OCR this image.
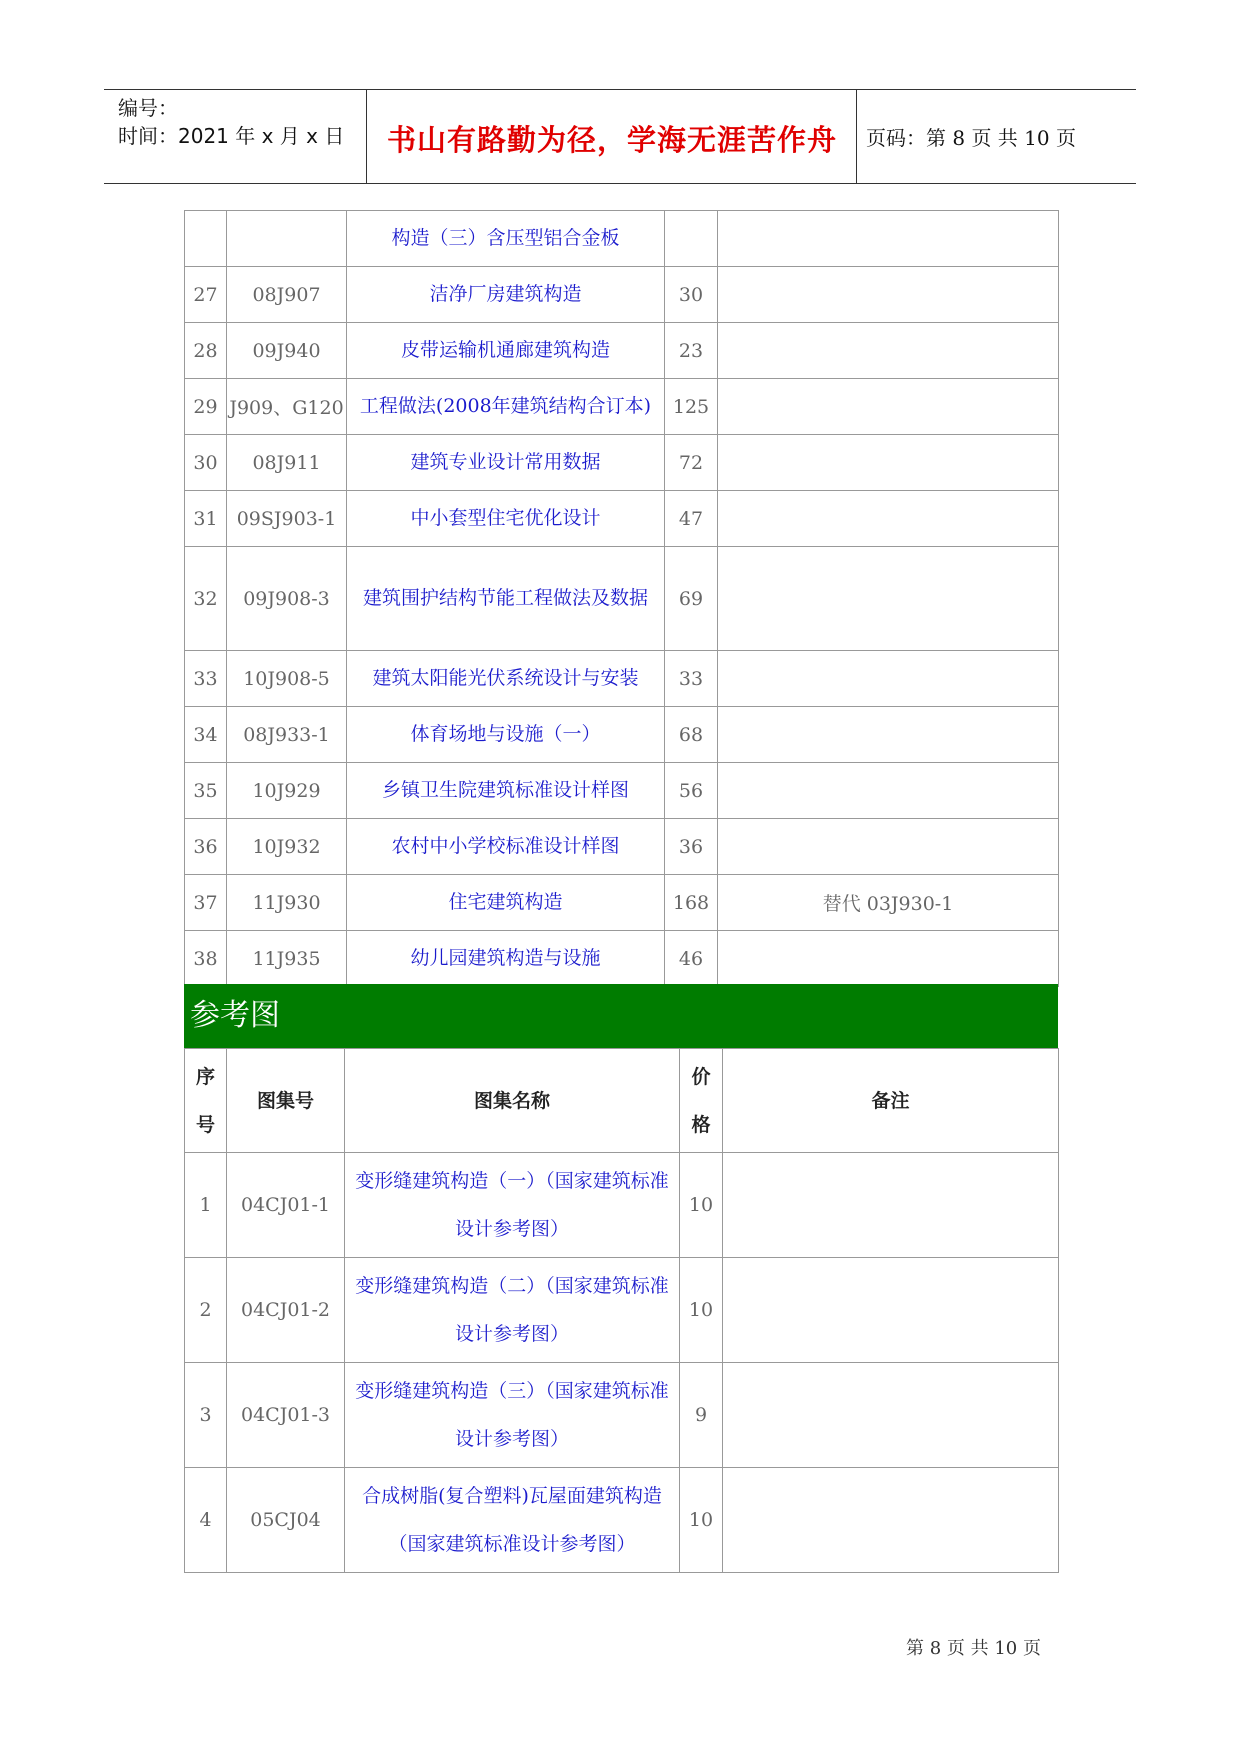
编号：
时间：2021 年 x 月 x 日	书山有路勤为径，学海无涯苦作舟	页码：第 8 页 共 10 页
		构造（三）含压型铝合金板		
27	08J907	洁净厂房建筑构造	30	
28	09J940	皮带运输机通廊建筑构造	23	
29	J909、G120	工程做法(2008年建筑结构合订本)	125	
30	08J911	建筑专业设计常用数据	72	
31	09SJ903-1	中小套型住宅优化设计	47	
32	09J908-3	建筑围护结构节能工程做法及数据	69	
33	10J908-5	建筑太阳能光伏系统设计与安装	33	
34	08J933-1	体育场地与设施（一）	68	
35	10J929	乡镇卫生院建筑标准设计样图	56	
36	10J932	农村中小学校标准设计样图	36	
37	11J930	住宅建筑构造	168	替代 03J930-1
38	11J935	幼儿园建筑构造与设施	46	
参考图
序号	图集号	图集名称	价格	备注
1	04CJ01-1	变形缝建筑构造（一）（国家建筑标准设计参考图）	10	
2	04CJ01-2	变形缝建筑构造（二）（国家建筑标准设计参考图）	10	
3	04CJ01-3	变形缝建筑构造（三）（国家建筑标准设计参考图）	9	
4	05CJ04	合成树脂(复合塑料)瓦屋面建筑构造（国家建筑标准设计参考图）	10	
第 8 页 共 10 页
